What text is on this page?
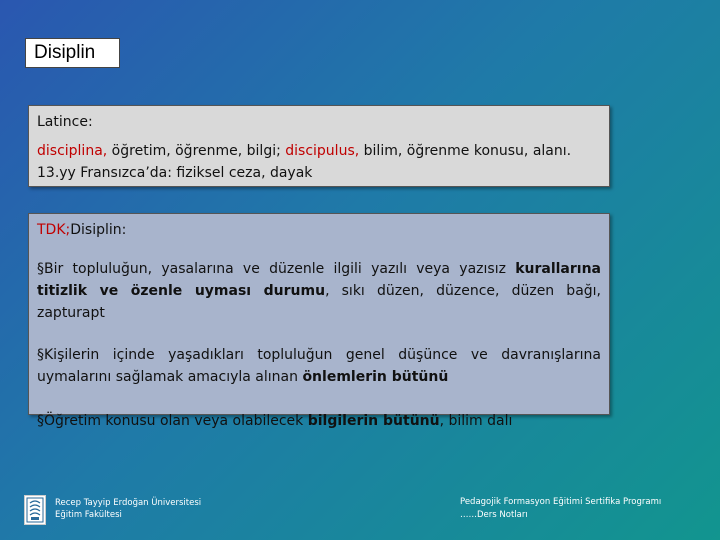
Disiplin

Latince:

disciplina, öğretim, öğrenme, bilgi; discipulus, bilim, öğrenme konusu, alanı.

13.yy Fransızca’da: fiziksel ceza, dayak

TDK;Disiplin:

§Bir topluluğun, yasalarına ve düzenle ilgili yazılı veya yazısız kurallarına titizlik ve özenle uyması durumu, sıkı düzen, düzence, düzen bağı, zapturapt

§Kişilerin içinde yaşadıkları topluluğun genel düşünce ve davranışlarına uymalarını sağlamak amacıyla alınan önlemlerin bütünü

§Öğretim konusu olan veya olabilecek bilgilerin bütünü, bilim dalı

Recep Tayyip Erdoğan Üniversitesi
Eğitim Fakültesi
Pedagojik Formasyon Eğitimi Sertifika Programı
……Ders Notları
